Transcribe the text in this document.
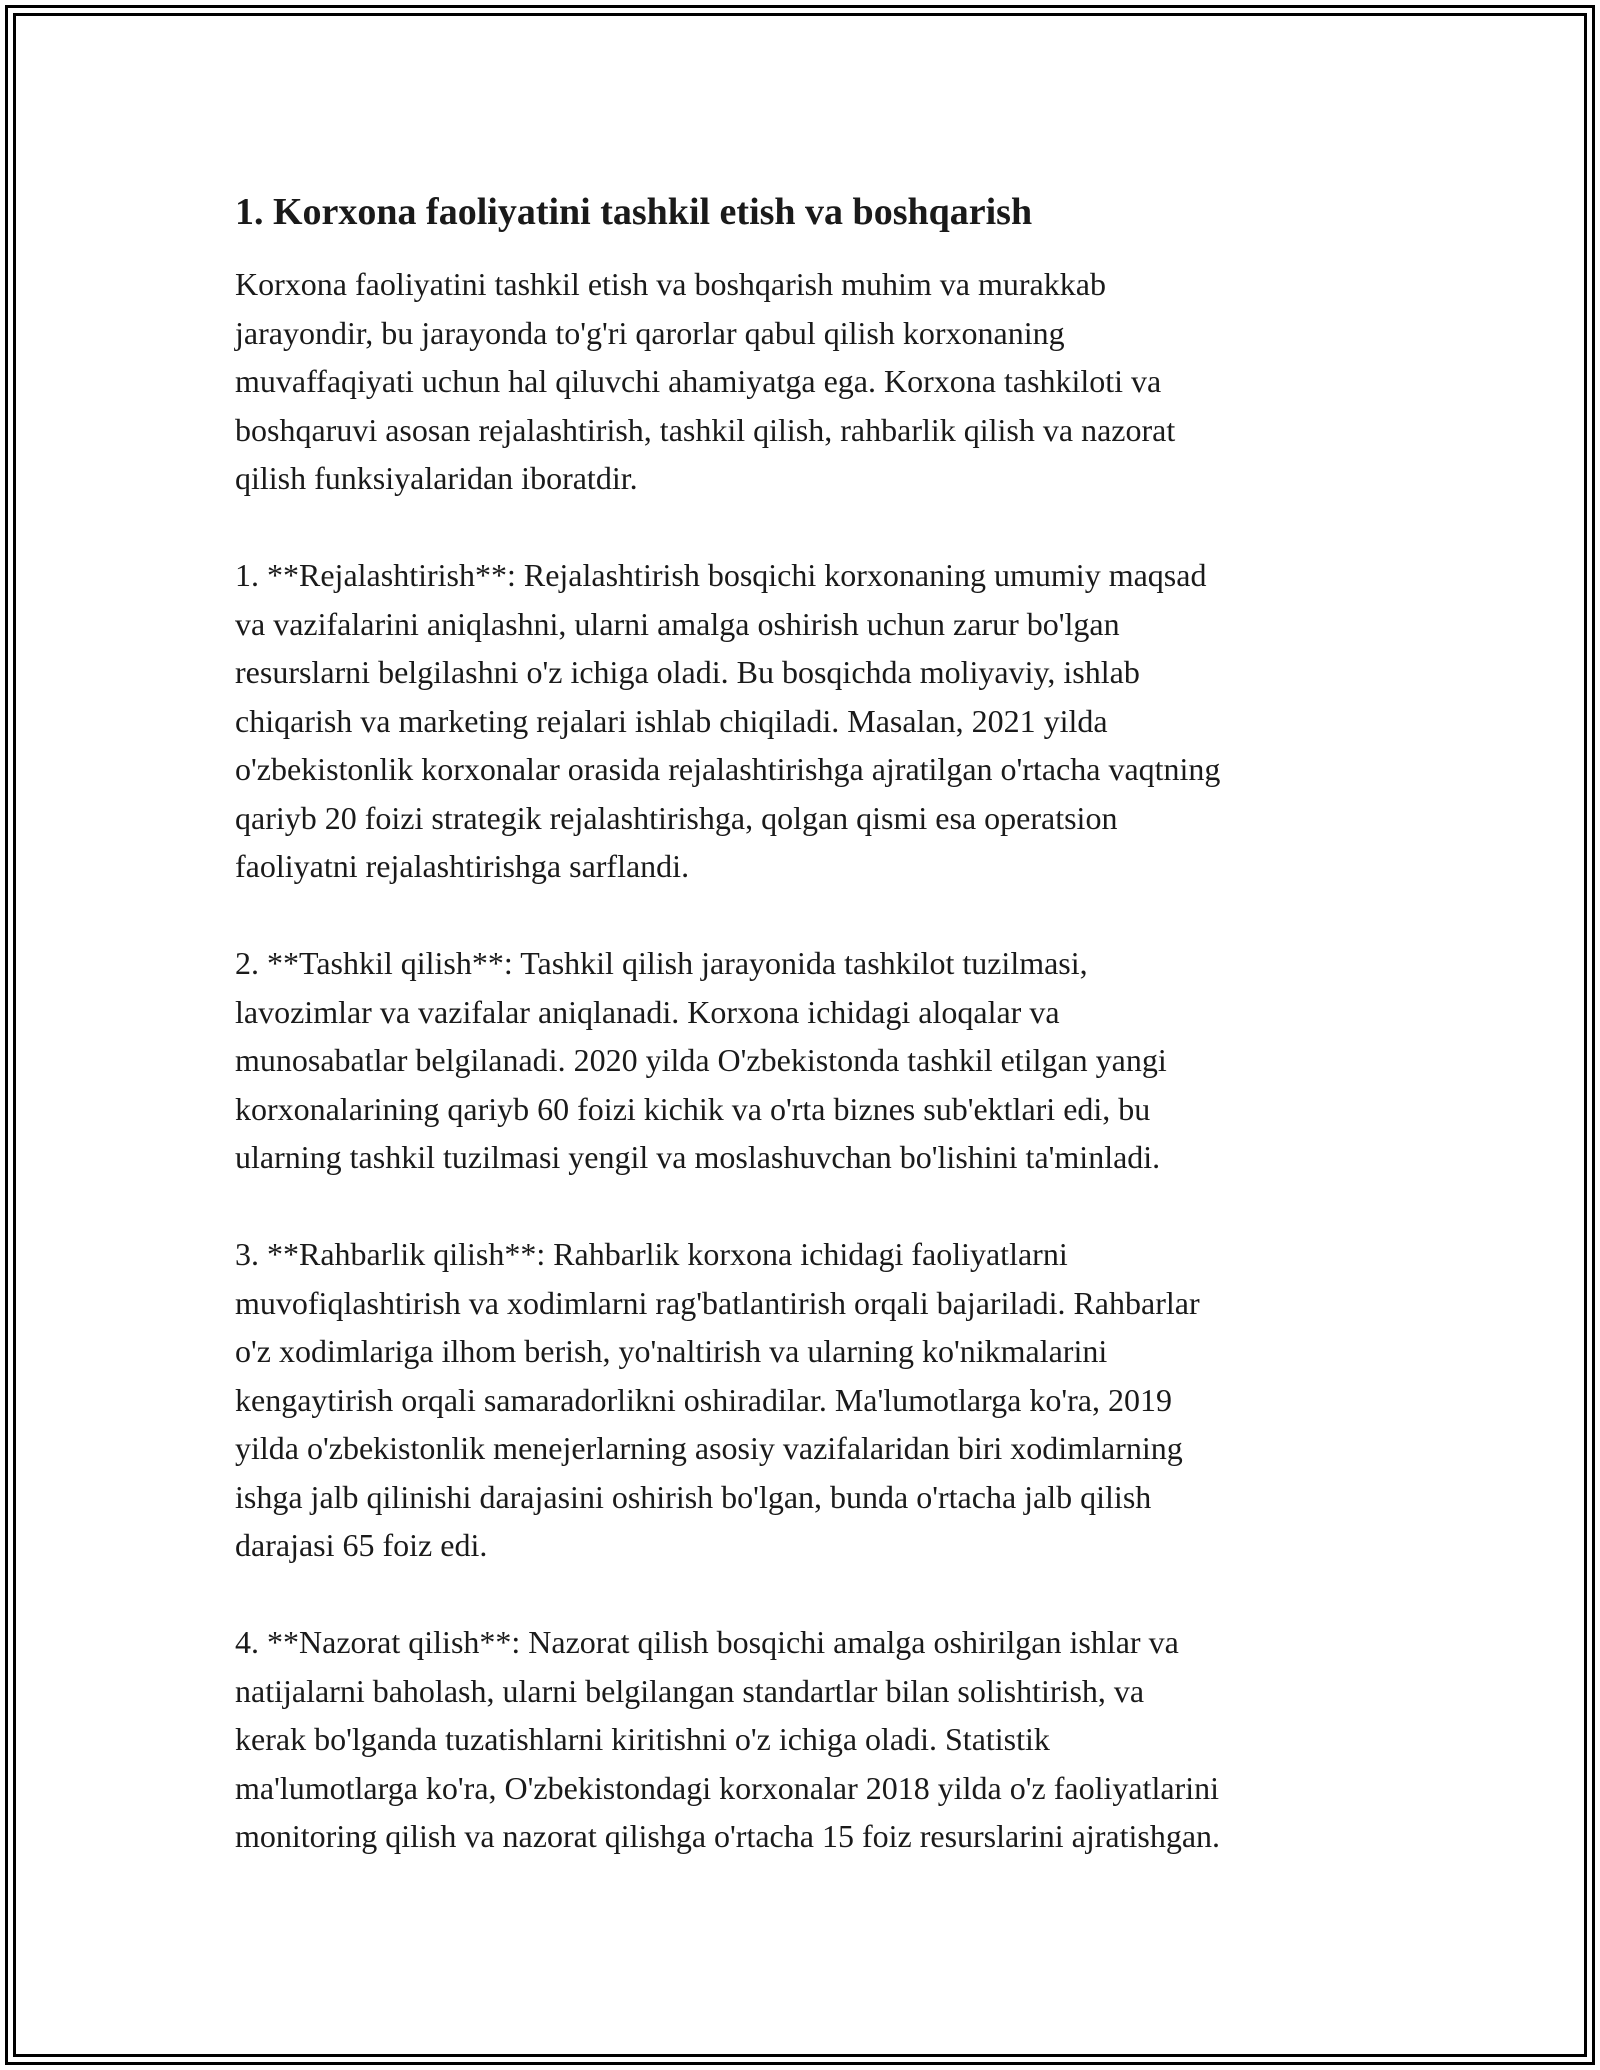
1. Korxona faoliyatini tashkil etish va boshqarish

Korxona faoliyatini tashkil etish va boshqarish muhim va murakkab
jarayondir, bu jarayonda to'g'ri qarorlar qabul qilish korxonaning
muvaffaqiyati uchun hal qiluvchi ahamiyatga ega. Korxona tashkiloti va
boshqaruvi asosan rejalashtirish, tashkil qilish, rahbarlik qilish va nazorat
qilish funksiyalaridan iboratdir.

1. **Rejalashtirish**: Rejalashtirish bosqichi korxonaning umumiy maqsad
va vazifalarini aniqlashni, ularni amalga oshirish uchun zarur bo'lgan
resurslarni belgilashni o'z ichiga oladi. Bu bosqichda moliyaviy, ishlab
chiqarish va marketing rejalari ishlab chiqiladi. Masalan, 2021 yilda
o'zbekistonlik korxonalar orasida rejalashtirishga ajratilgan o'rtacha vaqtning
qariyb 20 foizi strategik rejalashtirishga, qolgan qismi esa operatsion
faoliyatni rejalashtirishga sarflandi.

2. **Tashkil qilish**: Tashkil qilish jarayonida tashkilot tuzilmasi,
lavozimlar va vazifalar aniqlanadi. Korxona ichidagi aloqalar va
munosabatlar belgilanadi. 2020 yilda O'zbekistonda tashkil etilgan yangi
korxonalarining qariyb 60 foizi kichik va o'rta biznes sub'ektlari edi, bu
ularning tashkil tuzilmasi yengil va moslashuvchan bo'lishini ta'minladi.

3. **Rahbarlik qilish**: Rahbarlik korxona ichidagi faoliyatlarni
muvofiqlashtirish va xodimlarni rag'batlantirish orqali bajariladi. Rahbarlar
o'z xodimlariga ilhom berish, yo'naltirish va ularning ko'nikmalarini
kengaytirish orqali samaradorlikni oshiradilar. Ma'lumotlarga ko'ra, 2019
yilda o'zbekistonlik menejerlarning asosiy vazifalaridan biri xodimlarning
ishga jalb qilinishi darajasini oshirish bo'lgan, bunda o'rtacha jalb qilish
darajasi 65 foiz edi.

4. **Nazorat qilish**: Nazorat qilish bosqichi amalga oshirilgan ishlar va
natijalarni baholash, ularni belgilangan standartlar bilan solishtirish, va
kerak bo'lganda tuzatishlarni kiritishni o'z ichiga oladi. Statistik
ma'lumotlarga ko'ra, O'zbekistondagi korxonalar 2018 yilda o'z faoliyatlarini
monitoring qilish va nazorat qilishga o'rtacha 15 foiz resurslarini ajratishgan.
